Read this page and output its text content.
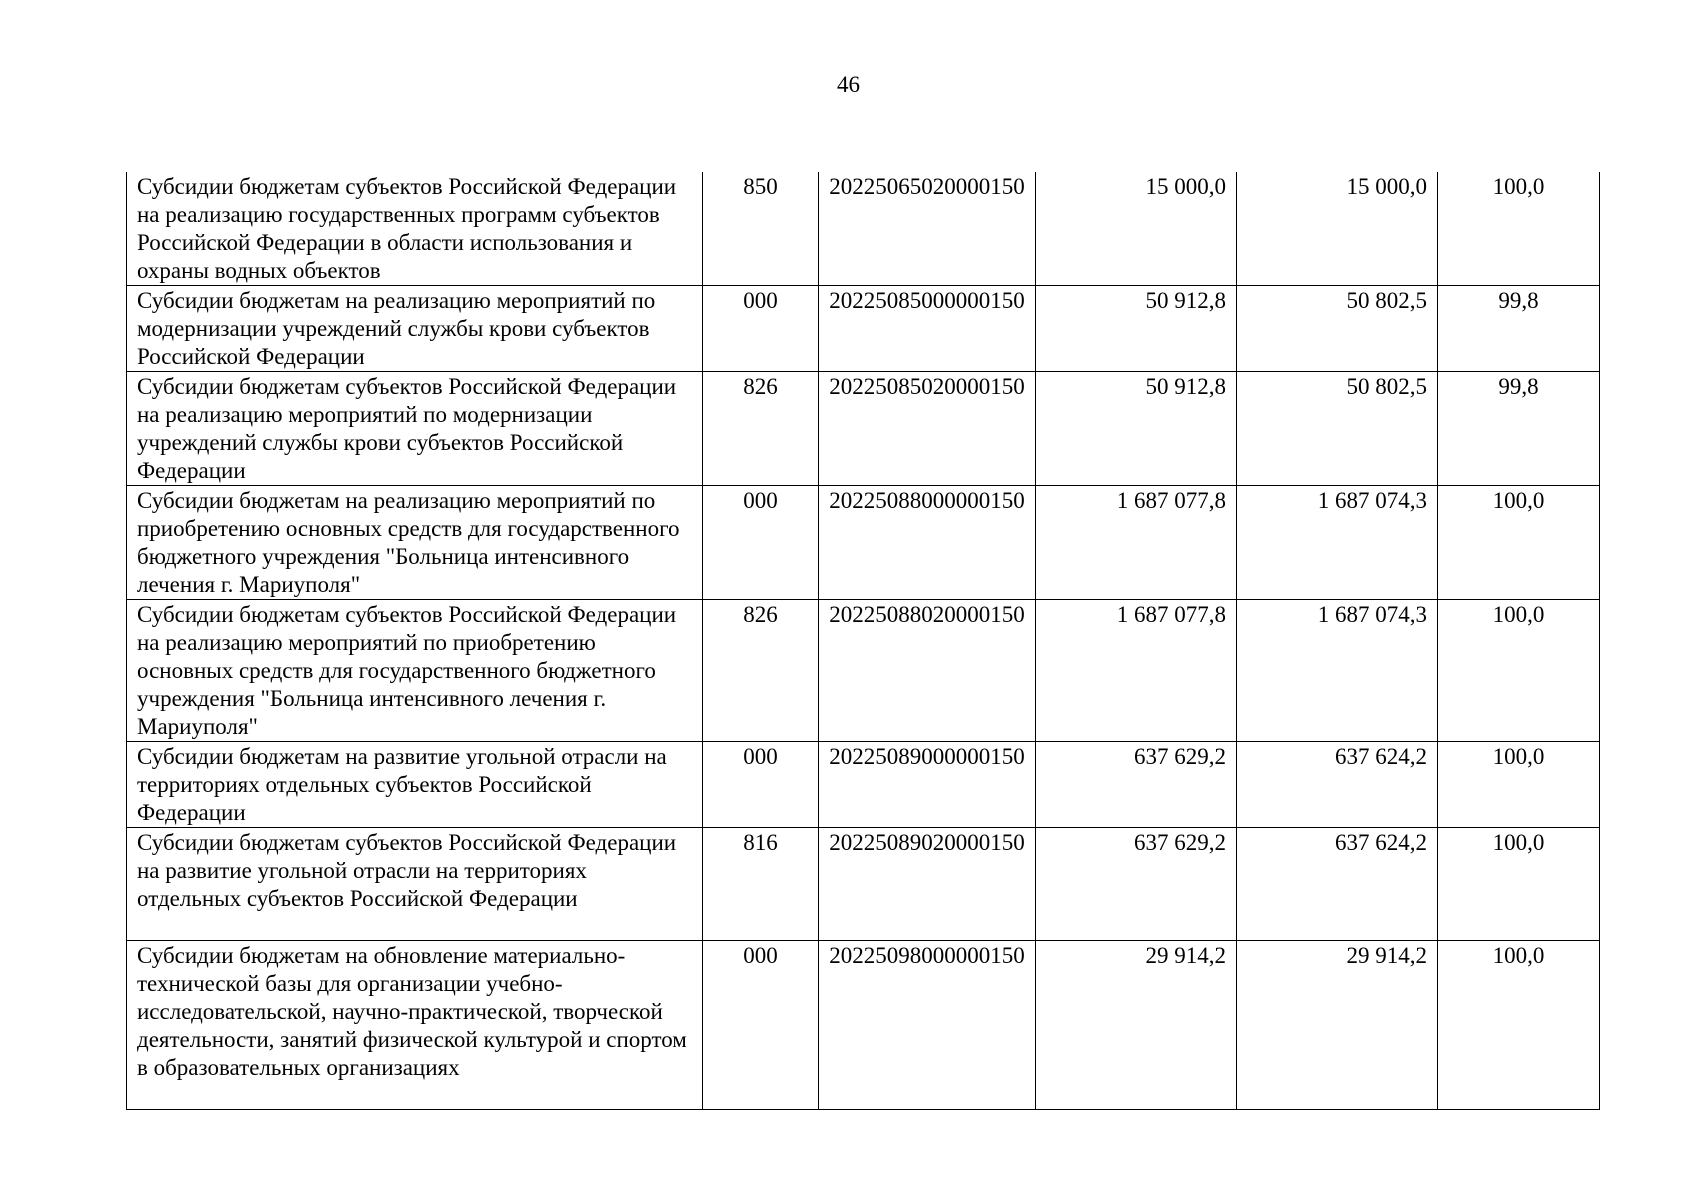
46
Субсидии бюджетам субъектов Российской Федерации на реализацию государственных программ субъектов Российской Федерации в области использования и охраны водных объектов	850	20225065020000150	15 000,0	15 000,0	100,0
Субсидии бюджетам на реализацию мероприятий по модернизации учреждений службы крови субъектов Российской Федерации	000	20225085000000150	50 912,8	50 802,5	99,8
Субсидии бюджетам субъектов Российской Федерации на реализацию мероприятий по модернизации учреждений службы крови субъектов Российской Федерации	826	20225085020000150	50 912,8	50 802,5	99,8
Субсидии бюджетам на реализацию мероприятий по приобретению основных средств для государственного бюджетного учреждения "Больница интенсивного лечения г. Мариуполя"	000	20225088000000150	1 687 077,8	1 687 074,3	100,0
Субсидии бюджетам субъектов Российской Федерации на реализацию мероприятий по приобретению основных средств для государственного бюджетного учреждения "Больница интенсивного лечения г. Мариуполя"	826	20225088020000150	1 687 077,8	1 687 074,3	100,0
Субсидии бюджетам на развитие угольной отрасли на территориях отдельных субъектов Российской Федерации	000	20225089000000150	637 629,2	637 624,2	100,0
Субсидии бюджетам субъектов Российской Федерации на развитие угольной отрасли на территориях отдельных субъектов Российской Федерации	816	20225089020000150	637 629,2	637 624,2	100,0
Субсидии бюджетам на обновление материально-технической базы для организации учебно-исследовательской, научно-практической, творческой деятельности, занятий физической культурой и спортом в образовательных организациях	000	20225098000000150	29 914,2	29 914,2	100,0
